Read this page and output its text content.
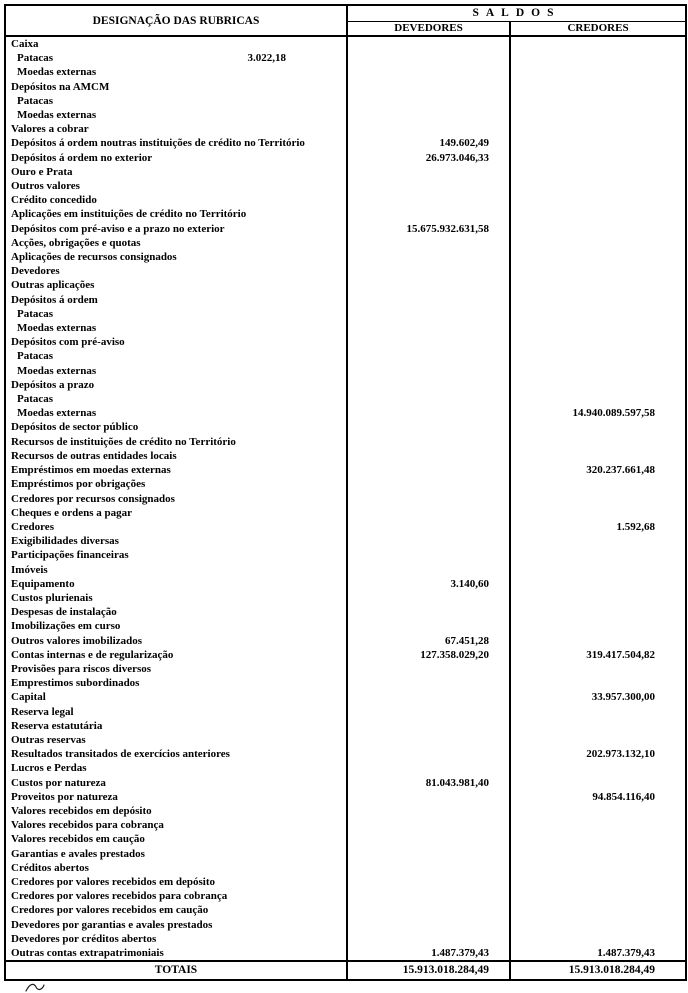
DESIGNAÇÃO DAS RUBRICAS	SALDOS	
	DEVEDORES	CREDORES
Caixa		
Patacas	3.022,18	
Moedas externas		
Depósitos na AMCM		
Patacas		
Moedas externas		
Valores a cobrar		
Depósitos á ordem noutras instituições de crédito no Território	149.602,49	
Depósitos á ordem no exterior	26.973.046,33	
Ouro e Prata		
Outros valores		
Crédito concedido		
Aplicações em instituições de crédito no Território		
Depósitos com pré-aviso e a prazo no exterior	15.675.932.631,58	
Acções, obrigações e quotas		
Aplicações de recursos consignados		
Devedores		
Outras aplicações		
Depósitos á ordem		
Patacas		
Moedas externas		
Depósitos com pré-aviso		
Patacas		
Moedas externas		
Depósitos a prazo		
Patacas		
Moedas externas		14.940.089.597,58
Depósitos de sector público		
Recursos de instituições de crédito no Território		
Recursos de outras entidades locais		
Empréstimos em moedas externas		320.237.661,48
Empréstimos por obrigações		
Credores por recursos consignados		
Cheques e ordens a pagar		
Credores		1.592,68
Exigibilidades diversas		
Participações financeiras		
Imóveis		
Equipamento	3.140,60	
Custos plurienais		
Despesas de instalação		
Imobilizações em curso		
Outros valores imobilizados	67.451,28	
Contas internas e de regularização	127.358.029,20	319.417.504,82
Provisões para riscos diversos		
Emprestimos subordinados		
Capital		33.957.300,00
Reserva legal		
Reserva estatutária		
Outras reservas		
Resultados transitados de exercícios anteriores		202.973.132,10
Lucros e Perdas		
Custos por natureza	81.043.981,40	
Proveitos por natureza		94.854.116,40
Valores recebidos em depósito		
Valores recebidos para cobrança		
Valores recebidos em caução		
Garantias e avales prestados		
Créditos abertos		
Credores por valores recebidos em depósito		
Credores por valores recebidos para cobrança		
Credores por valores recebidos em caução		
Devedores por garantias e avales prestados		
Devedores por créditos abertos		
Outras contas extrapatrimoniais	1.487.379,43	1.487.379,43
TOTAIS	15.913.018.284,49	15.913.018.284,49
